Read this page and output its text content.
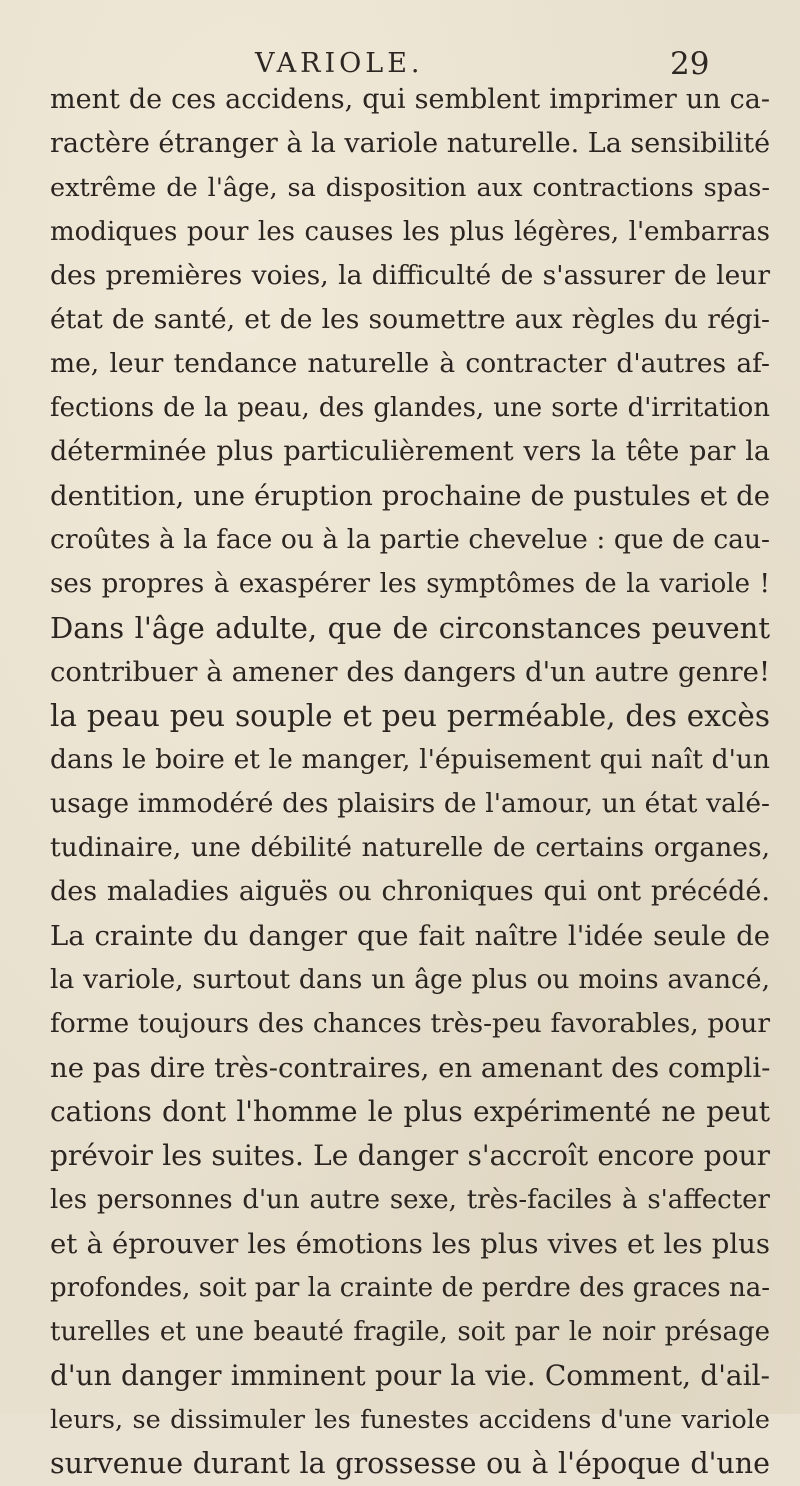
VARIOLE.	29
ment de ces accidens, qui semblent imprimer un ca-
ractère étranger à la variole naturelle. La sensibilité
extrême de l'âge, sa disposition aux contractions spas-
modiques pour les causes les plus légères, l'embarras
des premières voies, la difficulté de s'assurer de leur
état de santé, et de les soumettre aux règles du régi-
me, leur tendance naturelle à contracter d'autres af-
fections de la peau, des glandes, une sorte d'irritation
déterminée plus particulièrement vers la tête par la
dentition, une éruption prochaine de pustules et de
croûtes à la face ou à la partie chevelue : que de cau-
ses propres à exaspérer les symptômes de la variole !
Dans l'âge adulte, que de circonstances peuvent
contribuer à amener des dangers d'un autre genre!
la peau peu souple et peu perméable, des excès
dans le boire et le manger, l'épuisement qui naît d'un
usage immodéré des plaisirs de l'amour, un état valé-
tudinaire, une débilité naturelle de certains organes,
des maladies aiguës ou chroniques qui ont précédé.
La crainte du danger que fait naître l'idée seule de
la variole, surtout dans un âge plus ou moins avancé,
forme toujours des chances très-peu favorables, pour
ne pas dire très-contraires, en amenant des compli-
cations dont l'homme le plus expérimenté ne peut
prévoir les suites. Le danger s'accroît encore pour
les personnes d'un autre sexe, très-faciles à s'affecter
et à éprouver les émotions les plus vives et les plus
profondes, soit par la crainte de perdre des graces na-
turelles et une beauté fragile, soit par le noir présage
d'un danger imminent pour la vie. Comment, d'ail-
leurs, se dissimuler les funestes accidens d'une variole
survenue durant la grossesse ou à l'époque d'une
